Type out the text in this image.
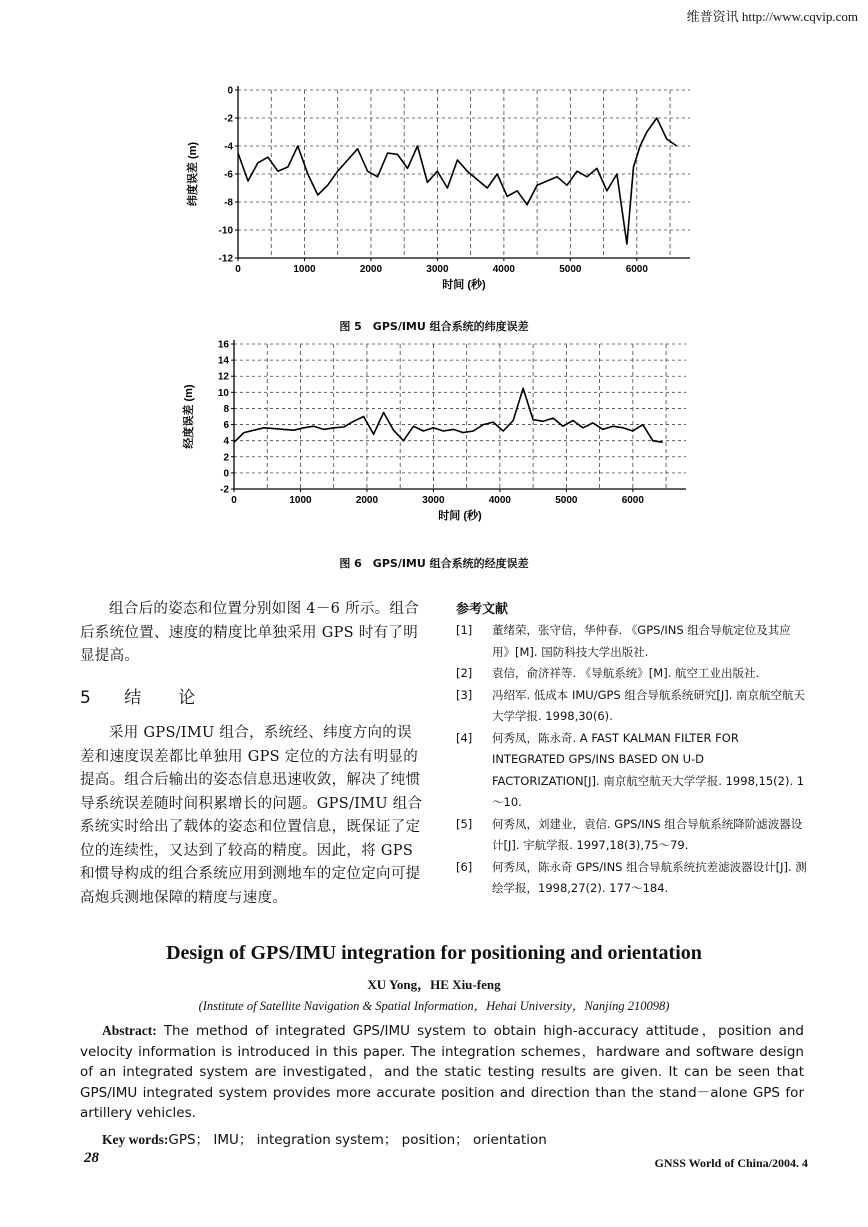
维普资讯 http://www.cqvip.com
0
-2
-4
-6
-8
-10
-12
0	1000	2000	3000	4000	5000	6000
纬度误差 (m)
时间 (秒)
图 5　GPS/IMU 组合系统的纬度误差
16
14
12
10
8
6
4
2
0
-2
0	1000	2000	3000	4000	5000	6000
经度误差 (m)
时间 (秒)
图 6　GPS/IMU 组合系统的经度误差

组合后的姿态和位置分别如图 4－6 所示。组合后系统位置、速度的精度比单独采用 GPS 时有了明显提高。

5 结　论

采用 GPS/IMU 组合，系统经、纬度方向的误差和速度误差都比单独用 GPS 定位的方法有明显的提高。组合后输出的姿态信息迅速收敛，解决了纯惯导系统误差随时间积累增长的问题。GPS/IMU 组合系统实时给出了载体的姿态和位置信息，既保证了定位的连续性，又达到了较高的精度。因此，将 GPS 和惯导构成的组合系统应用到测地车的定位定向可提高炮兵测地保障的精度与速度。

参考文献
[1] 董绪荣，张守信，华仲春. 《GPS/INS 组合导航定位及其应用》[M]. 国防科技大学出版社.
[2] 袁信，俞济祥等. 《导航系统》[M]. 航空工业出版社.
[3] 冯绍军. 低成本 IMU/GPS 组合导航系统研究[J]. 南京航空航天大学学报. 1998,30(6).
[4] 何秀凤，陈永奇. A FAST KALMAN FILTER FOR INTEGRATED GPS/INS BASED ON U-D FACTORIZATION[J]. 南京航空航天大学学报. 1998,15(2). 1～10.
[5] 何秀凤，刘建业，袁信. GPS/INS 组合导航系统降阶滤波器设计[J]. 宇航学报. 1997,18(3),75～79.
[6] 何秀凤，陈永奇 GPS/INS 组合导航系统抗差滤波器设计[J]. 测绘学报，1998,27(2). 177～184.
Design of GPS/IMU integration for positioning and orientation
XU Yong，HE Xiu-feng
(Institute of Satellite Navigation & Spatial Information，Hehai University，Nanjing 210098)
Abstract: The method of integrated GPS/IMU system to obtain high-accuracy attitude，position and velocity information is introduced in this paper. The integration schemes，hardware and software design of an integrated system are investigated，and the static testing results are given. It can be seen that GPS/IMU integrated system provides more accurate position and direction than the stand－alone GPS for artillery vehicles.
Key words:GPS； IMU； integration system； position； orientation
28	GNSS World of China/2004. 4
